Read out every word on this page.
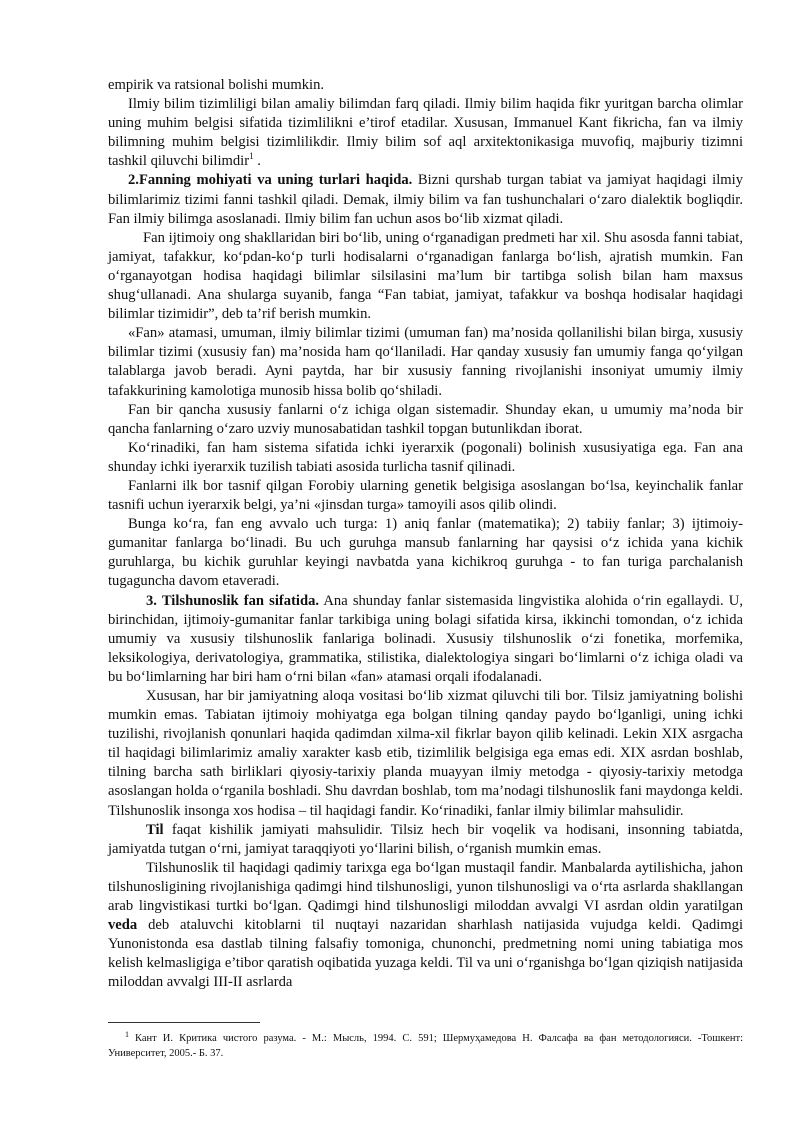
empirik va ratsional bolishi mumkin.

Ilmiy bilim tizimliligi bilan amaliy bilimdan farq qiladi. Ilmiy bilim haqida fikr yuritgan barcha olimlar uning muhim belgisi sifatida tizimlilikni e’tirof etadilar. Xususan, Immanuel Kant fikricha, fan va ilmiy bilimning muhim belgisi tizimlilikdir. Ilmiy bilim sof aql arxitektonikasiga muvofiq, majburiy tizimni tashkil qiluvchi bilimdir$^1$ .

2.Fanning mohiyati va uning turlari haqida. Bizni qurshab turgan tabiat va jamiyat haqidagi ilmiy bilimlarimiz tizimi fanni tashkil qiladi. Demak, ilmiy bilim va fan tushunchalari o‘zaro dialektik bogliqdir. Fan ilmiy bilimga asoslanadi. Ilmiy bilim fan uchun asos bo‘lib xizmat qiladi.

Fan ijtimoiy ong shakllaridan biri bo‘lib, uning o‘rganadigan predmeti har xil. Shu asosda fanni tabiat, jamiyat, tafakkur, ko‘pdan-ko‘p turli hodisalarni o‘rganadigan fanlarga bo‘lish, ajratish mumkin. Fan o‘rganayotgan hodisa haqidagi bilimlar silsilasini ma’lum bir tartibga solish bilan ham maxsus shug‘ullanadi. Ana shularga suyanib, fanga “Fan tabiat, jamiyat, tafakkur va boshqa hodisalar haqidagi bilimlar tizimidir”, deb ta’rif berish mumkin.

«Fan» atamasi, umuman, ilmiy bilimlar tizimi (umuman fan) ma’nosida qollanilishi bilan birga, xususiy bilimlar tizimi (xususiy fan) ma’nosida ham qo‘llaniladi. Har qanday xususiy fan umumiy fanga qo‘yilgan talablarga javob beradi. Ayni paytda, har bir xususiy fanning rivojlanishi insoniyat umumiy ilmiy tafakkurining kamolotiga munosib hissa bolib qo‘shiladi.

Fan bir qancha xususiy fanlarni o‘z ichiga olgan sistemadir. Shunday ekan, u umumiy ma’noda bir qancha fanlarning o‘zaro uzviy munosabatidan tashkil topgan butunlikdan iborat.

Ko‘rinadiki, fan ham sistema sifatida ichki iyerarxik (pogonali) bolinish xususiyatiga ega. Fan ana shunday ichki iyerarxik tuzilish tabiati asosida turlicha tasnif qilinadi.

Fanlarni ilk bor tasnif qilgan Forobiy ularning genetik belgisiga asoslangan bo‘lsa, keyinchalik fanlar tasnifi uchun iyerarxik belgi, ya’ni «jinsdan turga» tamoyili asos qilib olindi.

Bunga ko‘ra, fan eng avvalo uch turga: 1) aniq fanlar (matematika); 2) tabiiy fanlar; 3) ijtimoiy-gumanitar fanlarga bo‘linadi. Bu uch guruhga mansub fanlarning har qaysisi o‘z ichida yana kichik guruhlarga, bu kichik guruhlar keyingi navbatda yana kichikroq guruhga - to fan turiga parchalanish tugaguncha davom etaveradi.

3. Tilshunoslik fan sifatida. Ana shunday fanlar sistemasida lingvistika alohida o‘rin egallaydi. U, birinchidan, ijtimoiy-gumanitar fanlar tarkibiga uning bolagi sifatida kirsa, ikkinchi tomondan, o‘z ichida umumiy va xususiy tilshunoslik fanlariga bolinadi. Xususiy tilshunoslik o‘zi fonetika, morfemika, leksikologiya, derivatologiya, grammatika, stilistika, dialektologiya singari bo‘limlarni o‘z ichiga oladi va bu bo‘limlarning har biri ham o‘rni bilan «fan» atamasi orqali ifodalanadi.

Xususan, har bir jamiyatning aloqa vositasi bo‘lib xizmat qiluvchi tili bor. Tilsiz jamiyatning bolishi mumkin emas. Tabiatan ijtimoiy mohiyatga ega bolgan tilning qanday paydo bo‘lganligi, uning ichki tuzilishi, rivojlanish qonunlari haqida qadimdan xilma-xil fikrlar bayon qilib kelinadi. Lekin XIX asrgacha til haqidagi bilimlarimiz amaliy xarakter kasb etib, tizimlilik belgisiga ega emas edi. XIX asrdan boshlab, tilning barcha sath birliklari qiyosiy-tarixiy planda muayyan ilmiy metodga - qiyosiy-tarixiy metodga asoslangan holda o‘rganila boshladi. Shu davrdan boshlab, tom ma’nodagi tilshunoslik fani maydonga keldi. Tilshunoslik insonga xos hodisa – til haqidagi fandir. Ko‘rinadiki, fanlar ilmiy bilimlar mahsulidir.

Til faqat kishilik jamiyati mahsulidir. Tilsiz hech bir voqelik va hodisani, insonning tabiatda, jamiyatda tutgan o‘rni, jamiyat taraqqiyoti yo‘llarini bilish, o‘rganish mumkin emas.

Tilshunoslik til haqidagi qadimiy tarixga ega bo‘lgan mustaqil fandir. Manbalarda aytilishicha, jahon tilshunosligining rivojlanishiga qadimgi hind tilshunosligi, yunon tilshunosligi va o‘rta asrlarda shakllangan arab lingvistikasi turtki bo‘lgan. Qadimgi hind tilshunosligi miloddan avvalgi VI asrdan oldin yaratilgan veda deb ataluvchi kitoblarni til nuqtayi nazaridan sharhlash natijasida vujudga keldi. Qadimgi Yunonistonda esa dastlab tilning falsafiy tomoniga, chunonchi, predmetning nomi uning tabiatiga mos kelish kelmasligiga e’tibor qaratish oqibatida yuzaga keldi. Til va uni o‘rganishga bo‘lgan qiziqish natijasida miloddan avvalgi III-II asrlarda

$^1$ Кант И. Критика чистого разума. - М.: Мысль, 1994. С. 591; Шермуҳамедова Н. Фалсафа ва фан методологияси. -Тошкент: Университет, 2005.- Б. 37.
